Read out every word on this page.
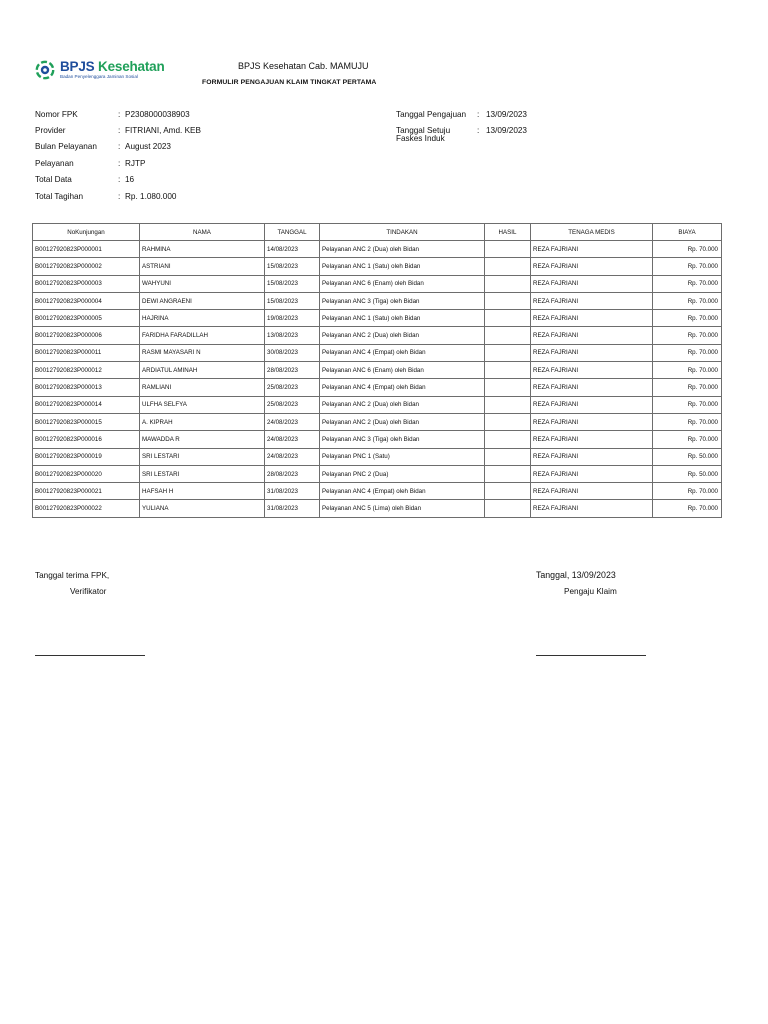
BPJS Kesehatan
Badan Penyelenggara Jaminan Sosial
BPJS Kesehatan Cab. MAMUJU
FORMULIR PENGAJUAN KLAIM TINGKAT PERTAMA
Nomor FPK	: P2308000038903
Provider	: FITRIANI, Amd. KEB
Bulan Pelayanan	: August 2023
Pelayanan	: RJTP
Total Data	: 16
Total Tagihan	: Rp. 1.080.000
Tanggal Pengajuan : 13/09/2023
Tanggal Setuju
Faskes Induk
: 13/09/2023
NoKunjungan	NAMA	TANGGAL	TINDAKAN	HASIL	TENAGA MEDIS	BIAYA
B00127920823P000001	RAHMINA	14/08/2023	Pelayanan ANC 2 (Dua) oleh Bidan		REZA FAJRIANI	Rp. 70.000
B00127920823P000002	ASTRIANI	15/08/2023	Pelayanan ANC 1 (Satu) oleh Bidan		REZA FAJRIANI	Rp. 70.000
B00127920823P000003	WAHYUNI	15/08/2023	Pelayanan ANC 6 (Enam) oleh Bidan		REZA FAJRIANI	Rp. 70.000
B00127920823P000004	DEWI ANGRAENI	15/08/2023	Pelayanan ANC 3 (Tiga) oleh Bidan		REZA FAJRIANI	Rp. 70.000
B00127920823P000005	HAJRINA	19/08/2023	Pelayanan ANC 1 (Satu) oleh Bidan		REZA FAJRIANI	Rp. 70.000
B00127920823P000006	FARIDHA FARADILLAH	13/08/2023	Pelayanan ANC 2 (Dua) oleh Bidan		REZA FAJRIANI	Rp. 70.000
B00127920823P000011	RASMI MAYASARI N	30/08/2023	Pelayanan ANC 4 (Empat) oleh Bidan		REZA FAJRIANI	Rp. 70.000
B00127920823P000012	ARDIATUL AMINAH	28/08/2023	Pelayanan ANC 6 (Enam) oleh Bidan		REZA FAJRIANI	Rp. 70.000
B00127920823P000013	RAMLIANI	25/08/2023	Pelayanan ANC 4 (Empat) oleh Bidan		REZA FAJRIANI	Rp. 70.000
B00127920823P000014	ULFHA SELFYA	25/08/2023	Pelayanan ANC 2 (Dua) oleh Bidan		REZA FAJRIANI	Rp. 70.000
B00127920823P000015	A. KIPRAH	24/08/2023	Pelayanan ANC 2 (Dua) oleh Bidan		REZA FAJRIANI	Rp. 70.000
B00127920823P000016	MAWADDA R	24/08/2023	Pelayanan ANC 3 (Tiga) oleh Bidan		REZA FAJRIANI	Rp. 70.000
B00127920823P000019	SRI LESTARI	24/08/2023	Pelayanan PNC 1 (Satu)		REZA FAJRIANI	Rp. 50.000
B00127920823P000020	SRI LESTARI	28/08/2023	Pelayanan PNC 2 (Dua)		REZA FAJRIANI	Rp. 50.000
B00127920823P000021	HAFSAH H	31/08/2023	Pelayanan ANC 4 (Empat) oleh Bidan		REZA FAJRIANI	Rp. 70.000
B00127920823P000022	YULIANA	31/08/2023	Pelayanan ANC 5 (Lima) oleh Bidan		REZA FAJRIANI	Rp. 70.000
Tanggal terima FPK,
Verifikator
Tanggal, 13/09/2023
Pengaju Klaim
